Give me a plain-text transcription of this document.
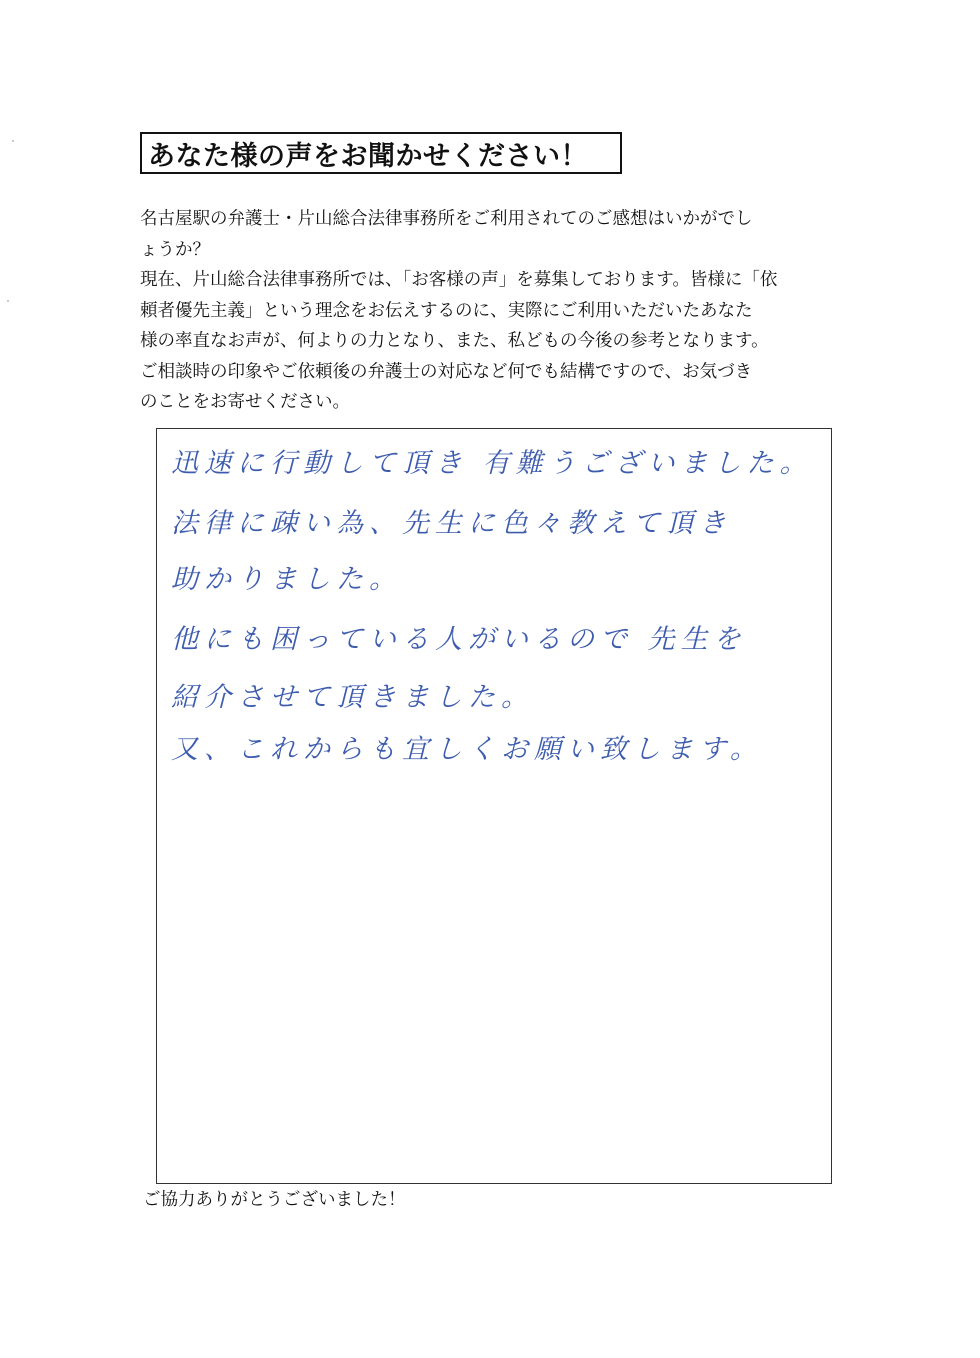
あなた様の声をお聞かせください！

名古屋駅の弁護士・片山総合法律事務所をご利用されてのご感想はいかがでし

ょうか？

現在、片山総合法律事務所では、「お客様の声」を募集しております。皆様に「依

頼者優先主義」という理念をお伝えするのに、実際にご利用いただいたあなた

様の率直なお声が、何よりの力となり、また、私どもの今後の参考となります。

ご相談時の印象やご依頼後の弁護士の対応など何でも結構ですので、お気づき

のことをお寄せください。

迅速に行動して頂き 有難うございました。
法律に疎い為、先生に色々教えて頂き
助かりました。
他にも困っている人がいるので 先生を
紹介させて頂きました。
又、これからも宜しくお願い致します。
ご協力ありがとうございました！
